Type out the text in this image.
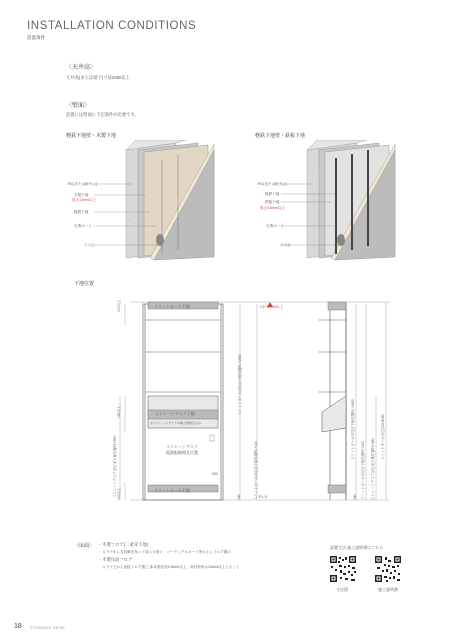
INSTALLATION CONDITIONS
設置条件
〈天井高〉
天井高(または梁下)寸法2050以上
〈壁面〉
設置には壁面に下記条件が必要です。
軽鉄下地壁・木製下地
RC(または耐火に)
木製下地
厚さ12mm以上
軽鉄下地
石膏ボード
ビス止
軽鉄下地壁・鉄板下地
RC(または耐火に)
軽鉄下地
鉄板下地
厚さ0.8mm以上
石膏ボード
ビス止
下地位置
スリットポール下地	CH 2000以上
ストレージデスク下地
木ストレージデスクの場合壁固定のみ
ストレージデスク
電源配線開孔位置
スリットポール下地
FL 0
100以上
150以上
ストレージデスク固定用下地位置FL+950 100以上
スリットポール固定用下地位置FL+1950
140	スリットポール固定用下地位置FL+100
900
スリットポール固定用下地位置FL+1950
スリットポール固定用下地位置FL+100 ストレージデスク固定用下地位置FL+950
スリットポール固定用CH2050
140
〈床面〉 ・木製フロア(二重床下地)
スラブから支持脚を持って床より低い、パーティクルボード等の上にフロア製の
・木製床面フロア
スラブ上から直接フロア施工 床本固定用の5mm以上、床付設用は10mm以上とること
設置寸法,施工説明書はこちら
寸法図	施工説明書
18 STORAGE DESK
